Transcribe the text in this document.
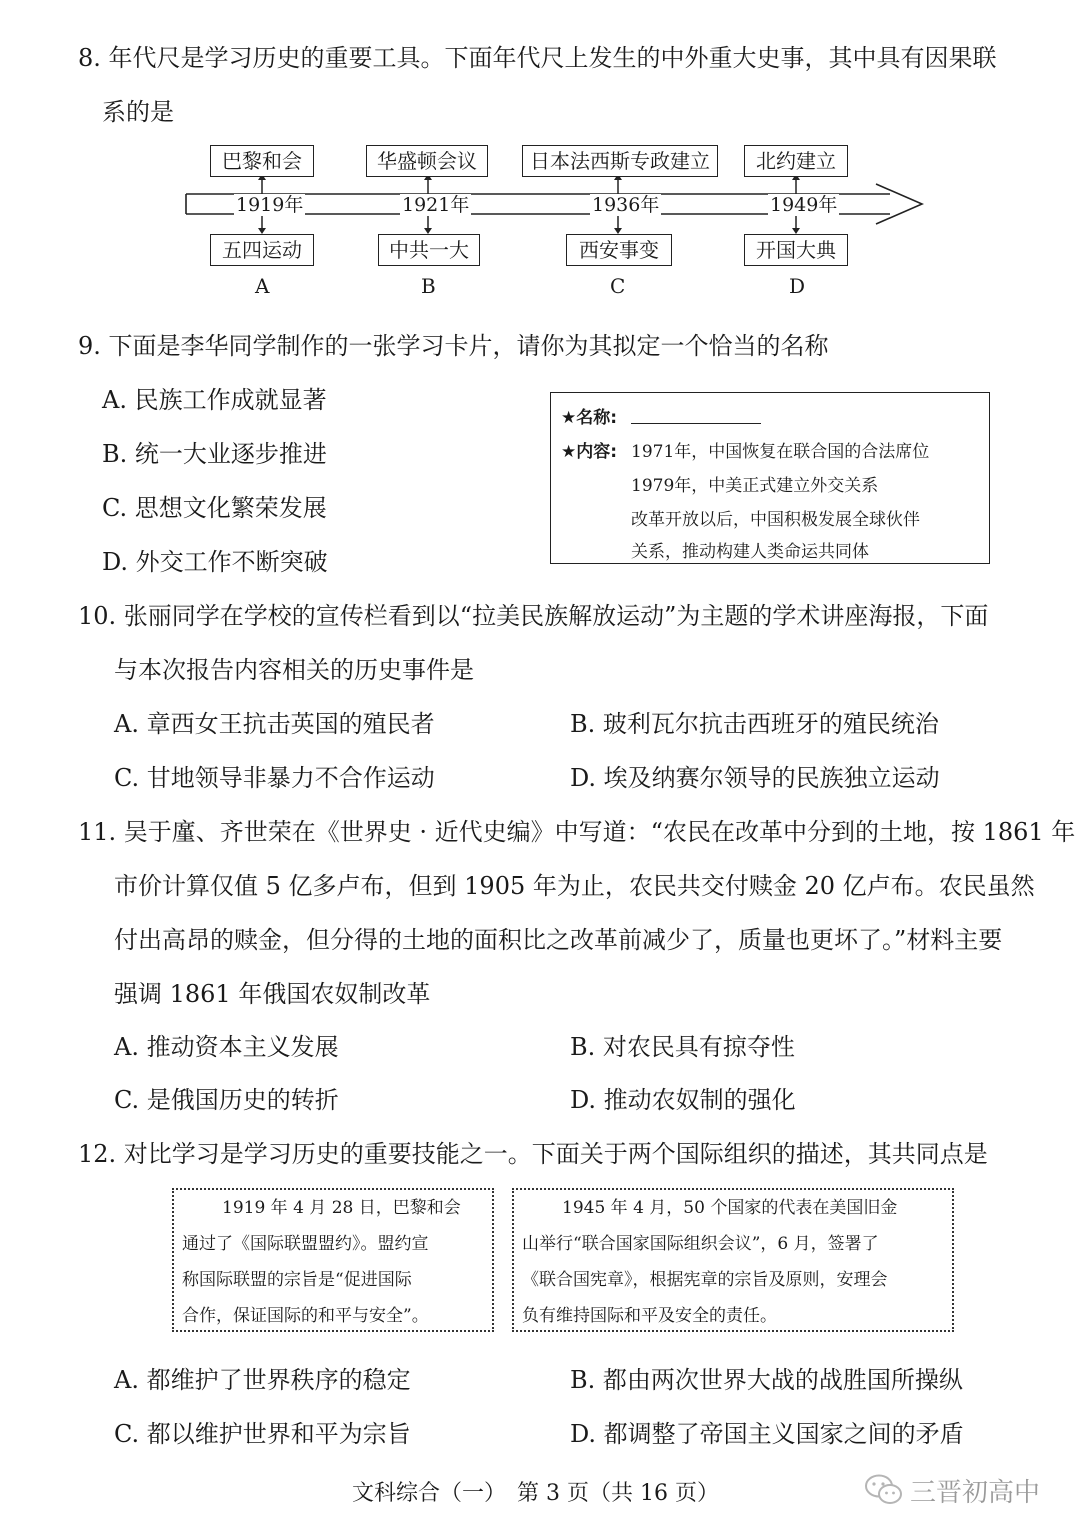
8. 年代尺是学习历史的重要工具。下面年代尺上发生的中外重大史事，其中具有因果联
系的是
巴黎和会
1919年
五四运动
A
华盛顿会议
1921年
中共一大
B
日本法西斯专政建立
1936年
西安事变
C
北约建立
1949年
开国大典
D
9. 下面是李华同学制作的一张学习卡片，请你为其拟定一个恰当的名称
A. 民族工作成就显著
B. 统一大业逐步推进
C. 思想文化繁荣发展
D. 外交工作不断突破
★名称:
★内容: 1971年，中国恢复在联合国的合法席位
1979年，中美正式建立外交关系
改革开放以后，中国积极发展全球伙伴
关系，推动构建人类命运共同体
10. 张丽同学在学校的宣传栏看到以“拉美民族解放运动”为主题的学术讲座海报，下面
与本次报告内容相关的历史事件是
A. 章西女王抗击英国的殖民者	B. 玻利瓦尔抗击西班牙的殖民统治
C. 甘地领导非暴力不合作运动	D. 埃及纳赛尔领导的民族独立运动
11. 吴于廑、齐世荣在《世界史 · 近代史编》中写道：“农民在改革中分到的土地，按 1861 年
市价计算仅值 5 亿多卢布，但到 1905 年为止，农民共交付赎金 20 亿卢布。农民虽然
付出高昂的赎金，但分得的土地的面积比之改革前减少了，质量也更坏了。”材料主要
强调 1861 年俄国农奴制改革
A. 推动资本主义发展	B. 对农民具有掠夺性
C. 是俄国历史的转折	D. 推动农奴制的强化
12. 对比学习是学习历史的重要技能之一。下面关于两个国际组织的描述，其共同点是
1919 年 4 月 28 日，巴黎和会
通过了《国际联盟盟约》。盟约宣
称国际联盟的宗旨是“促进国际
合作，保证国际的和平与安全”。
1945 年 4 月，50 个国家的代表在美国旧金
山举行“联合国家国际组织会议”，6 月，签署了
《联合国宪章》，根据宪章的宗旨及原则，安理会
负有维持国际和平及安全的责任。
A. 都维护了世界秩序的稳定	B. 都由两次世界大战的战胜国所操纵
C. 都以维护世界和平为宗旨	D. 都调整了帝国主义国家之间的矛盾
文科综合（一）　第 3 页（共 16 页）	三晋初高中
